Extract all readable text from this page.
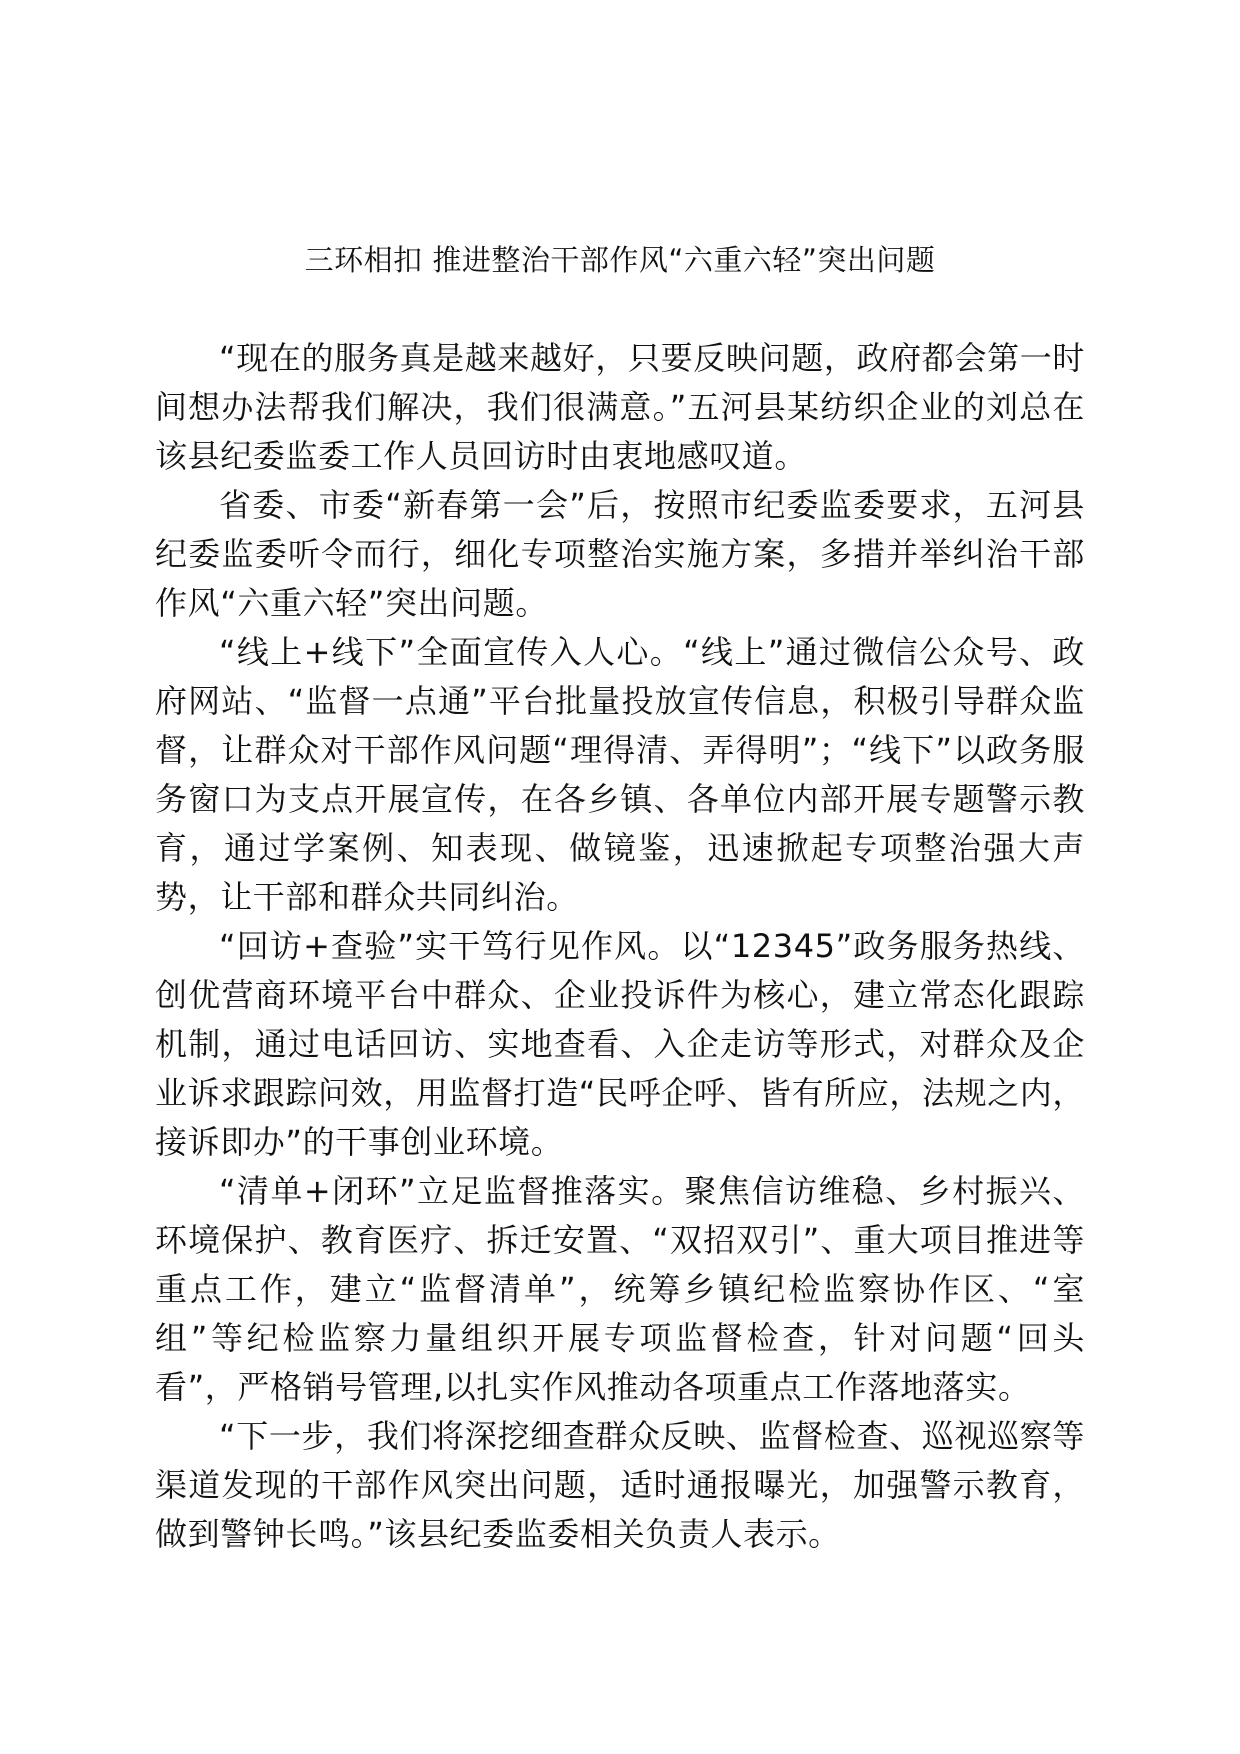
三环相扣 推进整治干部作风“六重六轻”突出问题

“现在的服务真是越来越好，只要反映问题，政府都会第一时间想办法帮我们解决，我们很满意。”五河县某纺织企业的刘总在该县纪委监委工作人员回访时由衷地感叹道。

省委、市委“新春第一会”后，按照市纪委监委要求，五河县纪委监委听令而行，细化专项整治实施方案，多措并举纠治干部作风“六重六轻”突出问题。

“线上+线下”全面宣传入人心。“线上”通过微信公众号、政府网站、“监督一点通”平台批量投放宣传信息，积极引导群众监督，让群众对干部作风问题“理得清、弄得明”；“线下”以政务服务窗口为支点开展宣传，在各乡镇、各单位内部开展专题警示教育，通过学案例、知表现、做镜鉴，迅速掀起专项整治强大声势，让干部和群众共同纠治。

“回访+查验”实干笃行见作风。以“12345”政务服务热线、创优营商环境平台中群众、企业投诉件为核心，建立常态化跟踪机制，通过电话回访、实地查看、入企走访等形式，对群众及企业诉求跟踪问效，用监督打造“民呼企呼、皆有所应，法规之内，接诉即办”的干事创业环境。

“清单+闭环”立足监督推落实。聚焦信访维稳、乡村振兴、环境保护、教育医疗、拆迁安置、“双招双引”、重大项目推进等重点工作，建立“监督清单”，统筹乡镇纪检监察协作区、“室组”等纪检监察力量组织开展专项监督检查，针对问题“回头看”，严格销号管理,以扎实作风推动各项重点工作落地落实。

“下一步，我们将深挖细查群众反映、监督检查、巡视巡察等渠道发现的干部作风突出问题，适时通报曝光，加强警示教育，做到警钟长鸣。”该县纪委监委相关负责人表示。
